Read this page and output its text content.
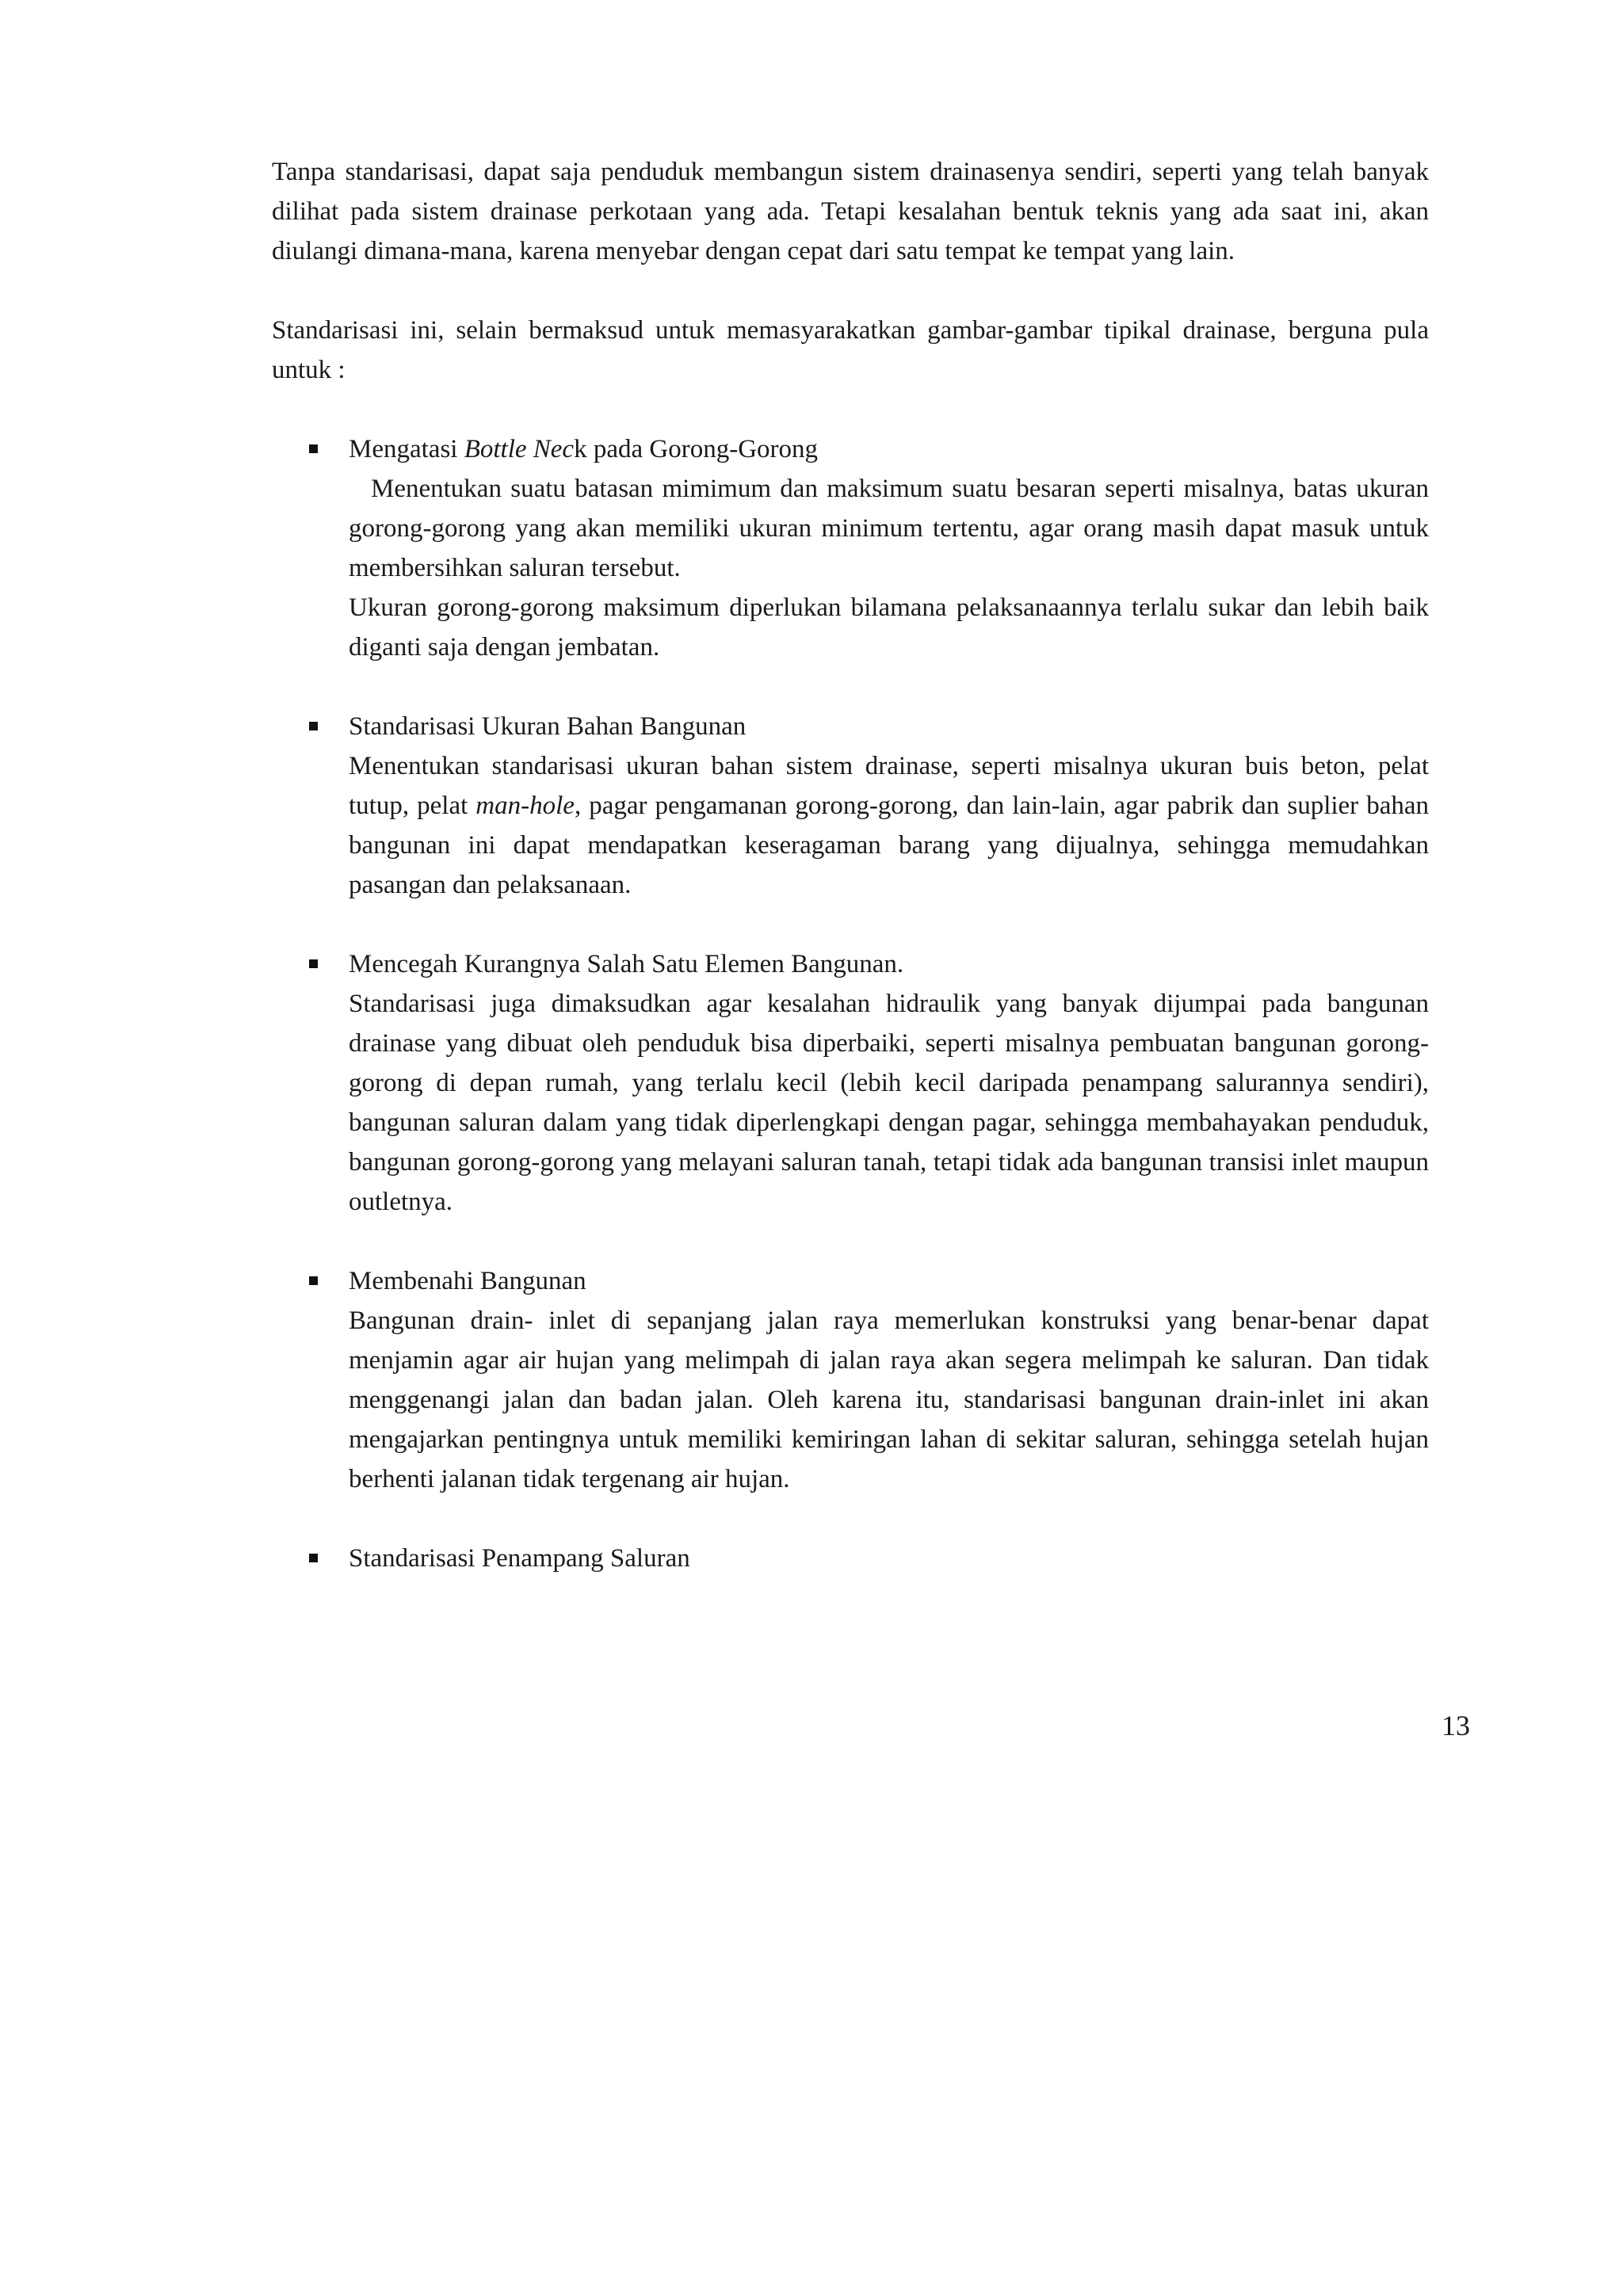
Tanpa standarisasi, dapat saja penduduk membangun sistem drainasenya sendiri, seperti yang telah banyak dilihat pada sistem drainase perkotaan yang ada. Tetapi kesalahan bentuk teknis yang ada saat ini, akan diulangi dimana-mana, karena menyebar dengan cepat dari satu tempat ke tempat yang lain.

Standarisasi ini, selain bermaksud untuk memasyarakatkan gambar-gambar tipikal drainase, berguna pula untuk :

Mengatasi Bottle Neck pada Gorong-Gorong

Menentukan suatu batasan mimimum dan maksimum suatu besaran seperti misalnya, batas ukuran gorong-gorong yang akan memiliki ukuran minimum tertentu, agar orang masih dapat masuk untuk membersihkan saluran tersebut.

Ukuran gorong-gorong maksimum diperlukan bilamana pelaksanaannya terlalu sukar dan lebih baik diganti saja dengan jembatan.

Standarisasi Ukuran Bahan Bangunan

Menentukan standarisasi ukuran bahan sistem drainase, seperti misalnya ukuran buis beton, pelat tutup, pelat man-hole, pagar pengamanan gorong-gorong, dan lain-lain, agar pabrik dan suplier bahan bangunan ini dapat mendapatkan keseragaman barang yang dijualnya, sehingga memudahkan pasangan dan pelaksanaan.

Mencegah Kurangnya Salah Satu Elemen Bangunan.

Standarisasi juga dimaksudkan agar kesalahan hidraulik yang banyak dijumpai pada bangunan drainase yang dibuat oleh penduduk bisa diperbaiki, seperti misalnya pembuatan bangunan gorong-gorong di depan rumah, yang terlalu kecil (lebih kecil daripada penampang salurannya sendiri), bangunan saluran dalam yang tidak diperlengkapi dengan pagar, sehingga membahayakan penduduk, bangunan gorong-gorong yang melayani saluran tanah, tetapi tidak ada bangunan transisi inlet maupun outletnya.

Membenahi Bangunan

Bangunan drain- inlet di sepanjang jalan raya memerlukan konstruksi yang benar-benar dapat menjamin agar air hujan yang melimpah di jalan raya akan segera melimpah ke saluran. Dan tidak menggenangi jalan dan badan jalan. Oleh karena itu, standarisasi bangunan drain-inlet ini akan mengajarkan pentingnya untuk memiliki kemiringan lahan di sekitar saluran, sehingga setelah hujan berhenti jalanan tidak tergenang air hujan.

Standarisasi Penampang Saluran

13
